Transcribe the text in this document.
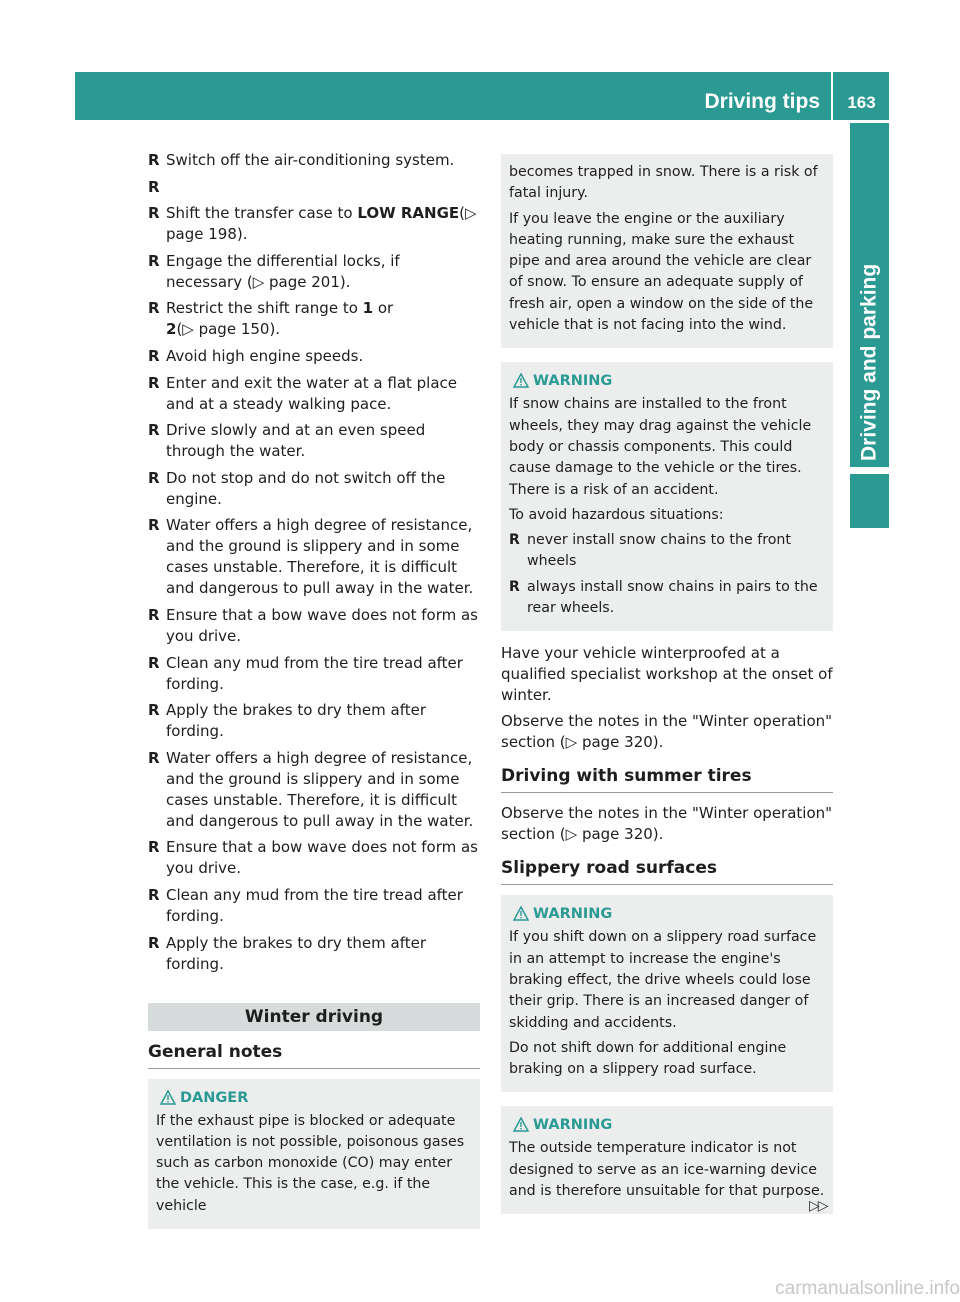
Driving tips	163
Driving and parking
R Switch off the air-conditioning system.
R
R Shift the transfer case to LOW RANGE(▷ page 198).
R Engage the differential locks, if necessary (▷ page 201).
R Restrict the shift range to 1 or
2(▷ page 150).
R Avoid high engine speeds.
R Enter and exit the water at a flat place and at a steady walking pace.
R Drive slowly and at an even speed through the water.
R Do not stop and do not switch off the engine.
R Water offers a high degree of resistance, and the ground is slippery and in some cases unstable. Therefore, it is difficult and dangerous to pull away in the water.
R Ensure that a bow wave does not form as you drive.
R Clean any mud from the tire tread after fording.
R Apply the brakes to dry them after fording.
R Water offers a high degree of resistance, and the ground is slippery and in some cases unstable. Therefore, it is difficult and dangerous to pull away in the water.
R Ensure that a bow wave does not form as you drive.
R Clean any mud from the tire tread after fording.
R Apply the brakes to dry them after fording.
Winter driving
General notes
DANGER

If the exhaust pipe is blocked or adequate ventilation is not possible, poisonous gases such as carbon monoxide (CO) may enter the vehicle. This is the case, e.g. if the vehicle

becomes trapped in snow. There is a risk of fatal injury.

If you leave the engine or the auxiliary heating running, make sure the exhaust pipe and area around the vehicle are clear of snow. To ensure an adequate supply of fresh air, open a window on the side of the vehicle that is not facing into the wind.

WARNING

If snow chains are installed to the front wheels, they may drag against the vehicle body or chassis components. This could cause damage to the vehicle or the tires. There is a risk of an accident.

To avoid hazardous situations:

R never install snow chains to the front wheels
R always install snow chains in pairs to the rear wheels.

Have your vehicle winterproofed at a qualified specialist workshop at the onset of winter.

Observe the notes in the "Winter operation" section (▷ page 320).

Driving with summer tires

Observe the notes in the "Winter operation" section (▷ page 320).

Slippery road surfaces
WARNING

If you shift down on a slippery road surface in an attempt to increase the engine's braking effect, the drive wheels could lose their grip. There is an increased danger of skidding and accidents.

Do not shift down for additional engine braking on a slippery road surface.

WARNING

The outside temperature indicator is not designed to serve as an ice-warning device and is therefore unsuitable for that purpose.

▷▷
carmanualsonline.info
